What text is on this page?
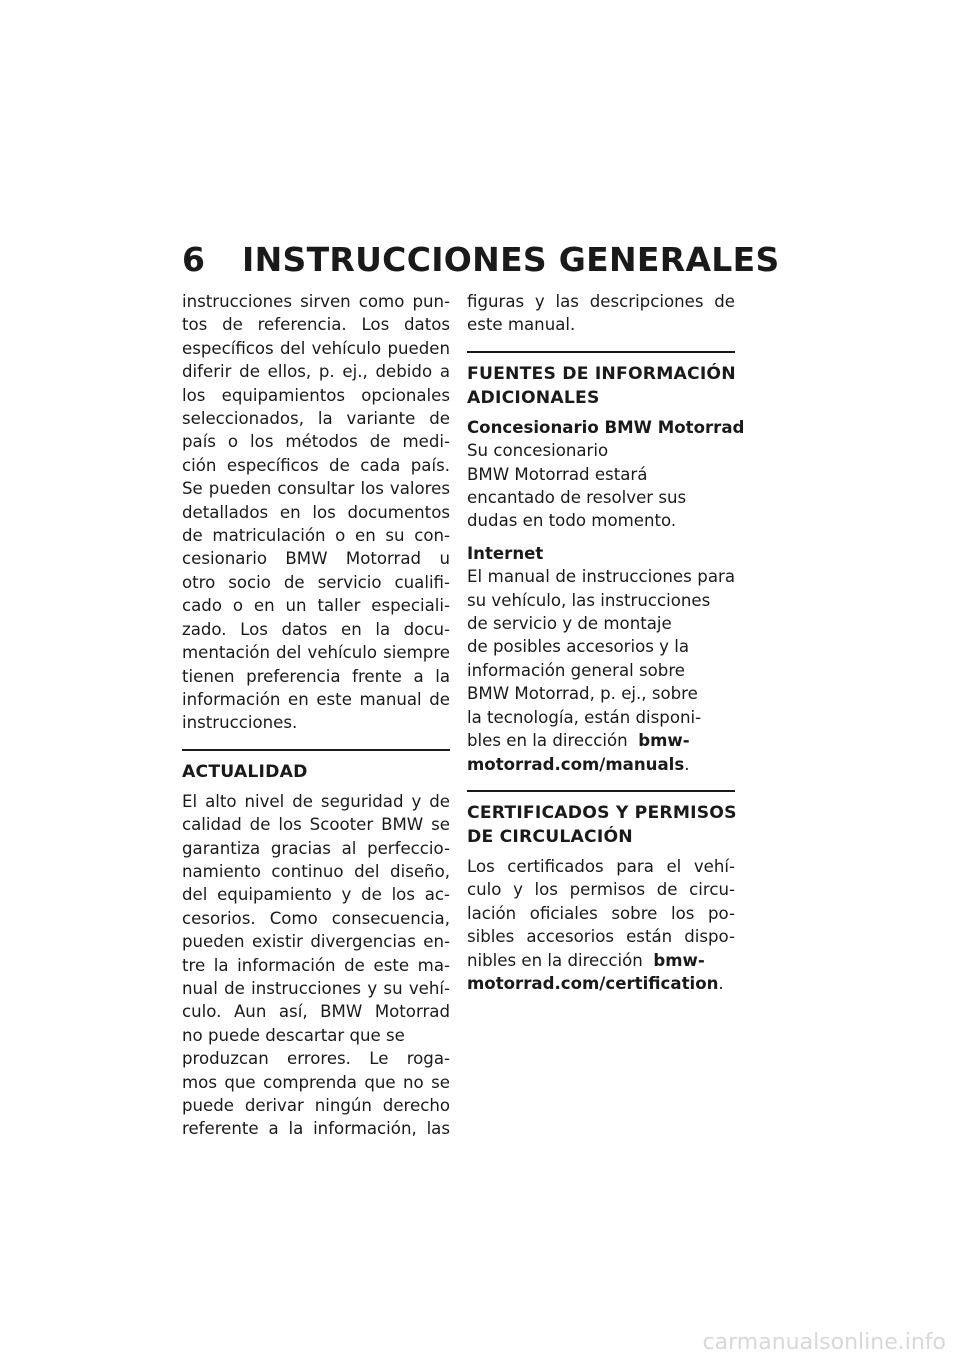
6 INSTRUCCIONES GENERALES
instrucciones sirven como pun-
tos de referencia. Los datos
específicos del vehículo pueden
diferir de ellos, p. ej., debido a
los equipamientos opcionales
seleccionados, la variante de
país o los métodos de medi-
ción específicos de cada país.
Se pueden consultar los valores
detallados en los documentos
de matriculación o en su con-
cesionario BMW Motorrad u
otro socio de servicio cualifi-
cado o en un taller especiali-
zado. Los datos en la docu-
mentación del vehículo siempre
tienen preferencia frente a la
información en este manual de
instrucciones.
ACTUALIDAD
El alto nivel de seguridad y de
calidad de los Scooter BMW se
garantiza gracias al perfeccio-
namiento continuo del diseño,
del equipamiento y de los ac-
cesorios. Como consecuencia,
pueden existir divergencias en-
tre la información de este ma-
nual de instrucciones y su vehí-
culo. Aun así, BMW Motorrad
no puede descartar que se
produzcan errores. Le roga-
mos que comprenda que no se
puede derivar ningún derecho
referente a la información, las
figuras y las descripciones de
este manual.
FUENTES DE INFORMACIÓN
ADICIONALES
Concesionario BMW Motorrad
Su concesionario
BMW Motorrad estará
encantado de resolver sus
dudas en todo momento.
Internet
El manual de instrucciones para
su vehículo, las instrucciones
de servicio y de montaje
de posibles accesorios y la
información general sobre
BMW Motorrad, p. ej., sobre
la tecnología, están disponi-
bles en la dirección  bmw-
motorrad.com/manuals.
CERTIFICADOS Y PERMISOS
DE CIRCULACIÓN
Los certificados para el vehí-
culo y los permisos de circu-
lación oficiales sobre los po-
sibles accesorios están dispo-
nibles en la dirección  bmw-
motorrad.com/certification.
carmanualsonline.info
